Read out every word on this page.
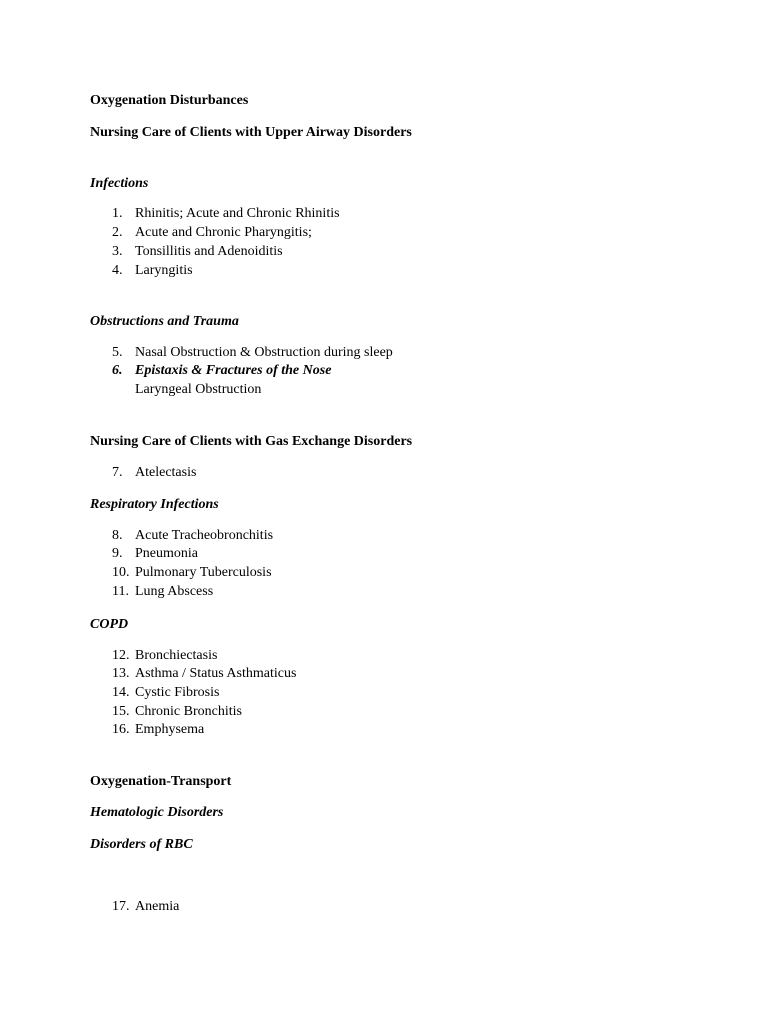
Oxygenation Disturbances
Nursing Care of Clients with Upper Airway Disorders
Infections
1. Rhinitis; Acute and Chronic Rhinitis
2. Acute and Chronic Pharyngitis;
3. Tonsillitis and Adenoiditis
4. Laryngitis
Obstructions and Trauma
5. Nasal Obstruction & Obstruction during sleep
6. Epistaxis & Fractures of the Nose
Laryngeal Obstruction
Nursing Care of Clients with Gas Exchange Disorders
7. Atelectasis
Respiratory Infections
8. Acute Tracheobronchitis
9. Pneumonia
10. Pulmonary Tuberculosis
11. Lung Abscess
COPD
12. Bronchiectasis
13. Asthma / Status Asthmaticus
14. Cystic Fibrosis
15. Chronic Bronchitis
16. Emphysema
Oxygenation-Transport
Hematologic Disorders
Disorders of RBC
17. Anemia
